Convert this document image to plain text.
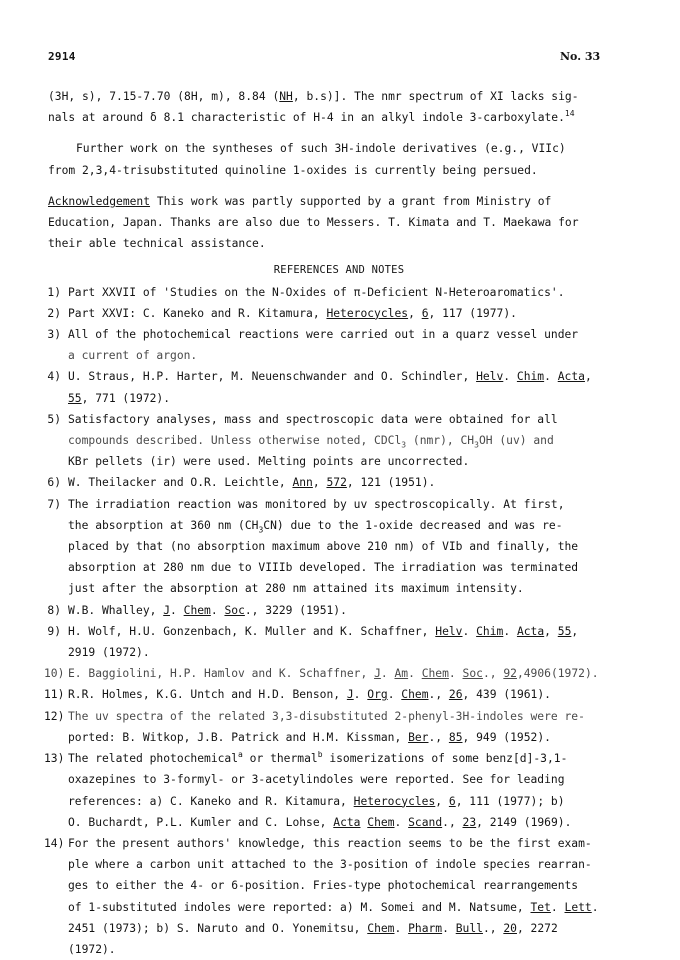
2914	No. 33
(3H, s), 7.15-7.70 (8H, m), 8.84 (NH, b.s)]. The nmr spectrum of XI lacks sig-
nals at around δ 8.1 characteristic of H-4 in an alkyl indole 3-carboxylate.$^{14}$
Further work on the syntheses of such 3H-indole derivatives (e.g., VIIc)
from 2,3,4-trisubstituted quinoline 1-oxides is currently being persued.
Acknowledgement This work was partly supported by a grant from Ministry of
Education, Japan. Thanks are also due to Messers. T. Kimata and T. Maekawa for
their able technical assistance.
REFERENCES AND NOTES
1) Part XXVII of 'Studies on the N-Oxides of π-Deficient N-Heteroaromatics'.
2) Part XXVI: C. Kaneko and R. Kitamura, Heterocycles, 6, 117 (1977).
3) All of the photochemical reactions were carried out in a quarz vessel under
a current of argon.
4) U. Straus, H.P. Harter, M. Neuenschwander and O. Schindler, Helv. Chim. Acta,
55, 771 (1972).
5) Satisfactory analyses, mass and spectroscopic data were obtained for all
compounds described. Unless otherwise noted, CDCl$_3$ (nmr), $CH_3OH$ (uv) and
KBr pellets (ir) were used. Melting points are uncorrected.
6) W. Theilacker and O.R. Leichtle, Ann, 572, 121 (1951).
7) The irradiation reaction was monitored by uv spectroscopically. At first,
the absorption at 360 nm $(CH_3CN)$ due to the 1-oxide decreased and was re-
placed by that (no absorption maximum above 210 nm) of VIb and finally, the
absorption at 280 nm due to VIIIb developed. The irradiation was terminated
just after the absorption at 280 nm attained its maximum intensity.
8) W.B. Whalley, J. Chem. Soc., 3229 (1951).
9) H. Wolf, H.U. Gonzenbach, K. Muller and K. Schaffner, Helv. Chim. Acta, 55,
2919 (1972).
10) E. Baggiolini, H.P. Hamlov and K. Schaffner, J. Am. Chem. Soc., 92,4906(1972).
11) R.R. Holmes, K.G. Untch and H.D. Benson, J. Org. Chem., 26, 439 (1961).
12) The uv spectra of the related 3,3-disubstituted 2-phenyl-3H-indoles were re-
ported: B. Witkop, J.B. Patrick and H.M. Kissman, Ber., 85, 949 (1952).
13) The related photochemical$^a$ or thermal$^b$ isomerizations of some benz[d]-3,1-
oxazepines to 3-formyl- or 3-acetylindoles were reported. See for leading
references: a) C. Kaneko and R. Kitamura, Heterocycles, 6, 111 (1977); b)
O. Buchardt, P.L. Kumler and C. Lohse, Acta Chem. Scand., 23, 2149 (1969).
14) For the present authors' knowledge, this reaction seems to be the first exam-
ple where a carbon unit attached to the 3-position of indole species rearran-
ges to either the 4- or 6-position. Fries-type photochemical rearrangements
of 1-substituted indoles were reported: a) M. Somei and M. Natsume, Tet. Lett.
2451 (1973); b) S. Naruto and O. Yonemitsu, Chem. Pharm. Bull., 20, 2272
(1972).
